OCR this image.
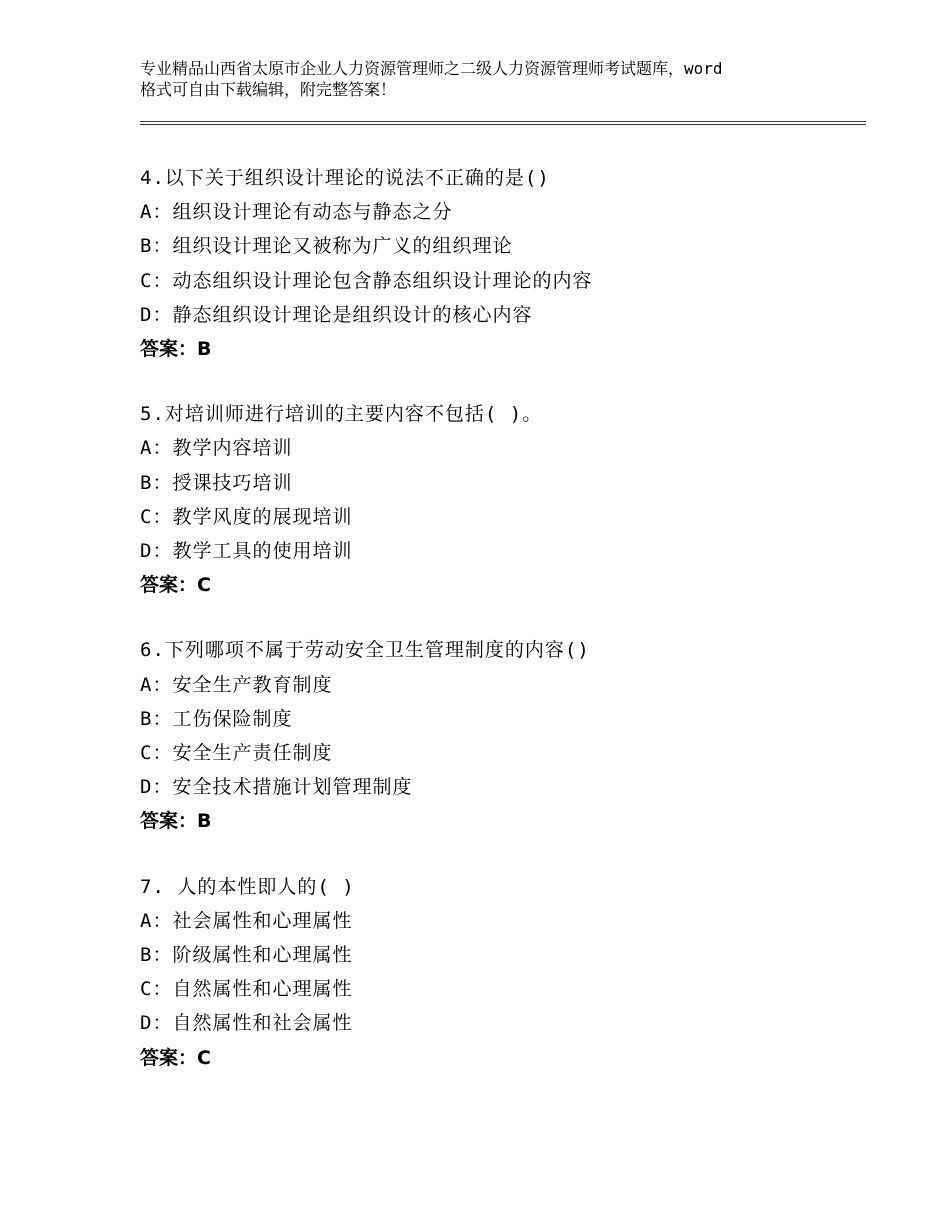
专业精品山西省太原市企业人力资源管理师之二级人力资源管理师考试题库，word
格式可自由下载编辑，附完整答案！
4.以下关于组织设计理论的说法不正确的是()
A：组织设计理论有动态与静态之分
B：组织设计理论又被称为广义的组织理论
C：动态组织设计理论包含静态组织设计理论的内容
D：静态组织设计理论是组织设计的核心内容
答案：B
5.对培训师进行培训的主要内容不包括( )。
A：教学内容培训
B：授课技巧培训
C：教学风度的展现培训
D：教学工具的使用培训
答案：C
6.下列哪项不属于劳动安全卫生管理制度的内容()
A：安全生产教育制度
B：工伤保险制度
C：安全生产责任制度
D：安全技术措施计划管理制度
答案：B
7. 人的本性即人的( )
A：社会属性和心理属性
B：阶级属性和心理属性
C：自然属性和心理属性
D：自然属性和社会属性
答案：C
